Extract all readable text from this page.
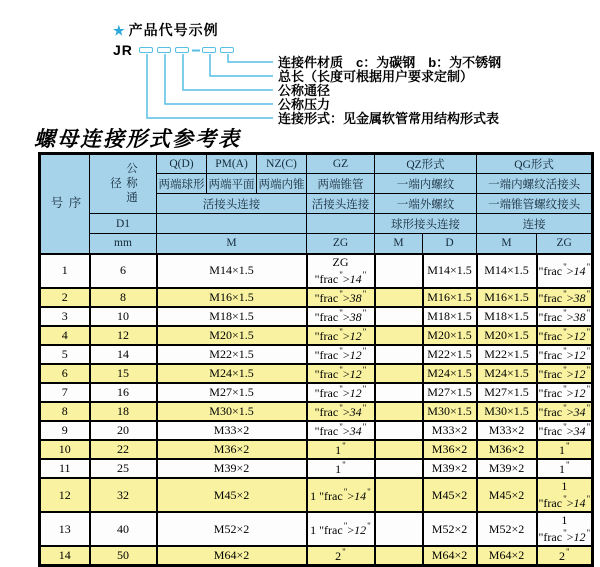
★ 产品代号示例
JR
连接件材质　c：为碳钢　b：为不锈钢
总长（长度可根据用户要求定制）
公称通径
公称压力
连接形式：见金属软管常用结构形式表
螺母连接形式参考表
序号	公称通径	Q(D)	PM(A)	NZ(C)	GZ	QZ形式		QG形式	
		两端球形	两端平面	两端内锥	两端锥管	一端内螺纹		一端内螺纹活接头	
		活接头连接			活接头连接	一端外螺纹		一端锥管螺纹接头	
	D1					球形接头连接		连接	
	mm	M			ZG	M	D	M	ZG
1	6	M14×1.5			ZG "frac">14"		M14×1.5	M14×1.5	"frac">14"
2	8	M16×1.5			"frac">38"		M16×1.5	M16×1.5	"frac">38"
3	10	M18×1.5			"frac">38"		M18×1.5	M18×1.5	"frac">38"
4	12	M20×1.5			"frac">12"		M20×1.5	M20×1.5	"frac">12"
5	14	M22×1.5			"frac">12"		M22×1.5	M22×1.5	"frac">12"
6	15	M24×1.5			"frac">12"		M24×1.5	M24×1.5	"frac">12"
7	16	M27×1.5			"frac">12"		M27×1.5	M27×1.5	"frac">12"
8	18	M30×1.5			"frac">34"		M30×1.5	M30×1.5	"frac">34"
9	20	M33×2			"frac">34"		M33×2	M33×2	"frac">34"
10	22	M36×2			1"		M36×2	M36×2	1"
11	25	M39×2			1"		M39×2	M39×2	1"
12	32	M45×2			1 "frac">14"		M45×2	M45×2	1 "frac">14"
13	40	M52×2			1 "frac">12"		M52×2	M52×2	1 "frac">12"
14	50	M64×2			2"		M64×2	M64×2	2"
